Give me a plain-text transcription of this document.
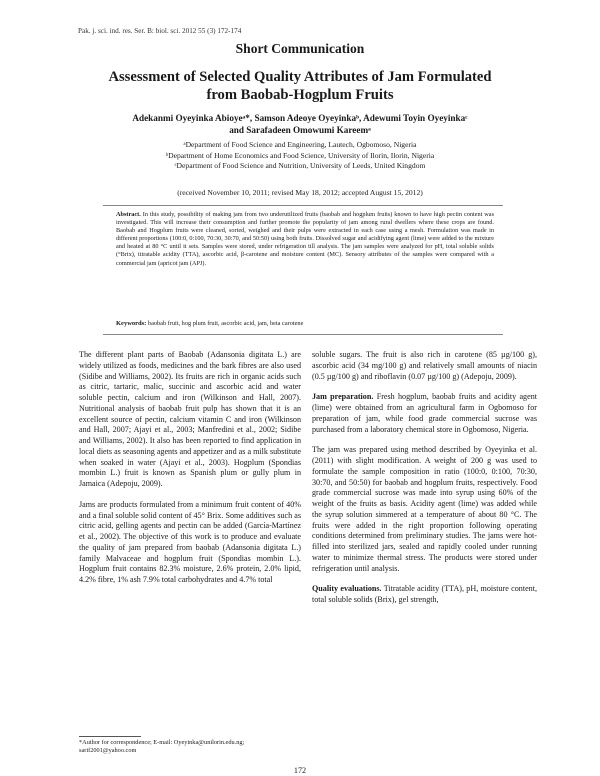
Pak. j. sci. ind. res. Ser. B: biol. sci. 2012 55 (3) 172-174
Short Communication
Assessment of Selected Quality Attributes of Jam Formulated
from Baobab-Hogplum Fruits
Adekanmi Oyeyinka Abioyeᵃ*, Samson Adeoye Oyeyinkaᵇ, Adewumi Toyin Oyeyinkaᶜ
and Sarafadeen Omowumi Kareemᵃ
ᵃDepartment of Food Science and Engineering, Lautech, Ogbomoso, Nigeria
ᵇDepartment of Home Economics and Food Science, University of Ilorin, Ilorin, Nigeria
ᶜDepartment of Food Science and Nutrition, University of Leeds, United Kingdom
(received November 10, 2011; revised May 18, 2012; accepted August 15, 2012)
Abstract. In this study, possibility of making jam from two underutilized fruits (baobab and hogplum fruits) known to have high pectin content was investigated. This will increase their consumption and further promote the popularity of jam among rural dwellers where these crops are found. Baobab and Hogplum fruits were cleaned, sorted, weighed and their pulps were extracted in each case using a mesh. Formulation was made in different proportions (100:0, 0:100, 70:30, 30:70, and 50:50) using both fruits. Dissolved sugar and acidifying agent (lime) were added to the mixture and heated at 80 °C until it sets. Samples were stored, under refrigeration till analysis. The jam samples were analyzed for pH, total soluble solids (°Brix), titratable acidity (TTA), ascorbic acid, β-carotene and moisture content (MC). Sensory attributes of the samples were compared with a commercial jam (apricot jam (APJ).
Keywords: baobab fruit, hog plum fruit, ascorbic acid, jam, beta carotene

The different plant parts of Baobab (Adansonia digitata L.) are widely utilized as foods, medicines and the bark fibres are also used (Sidibe and Williams, 2002). Its fruits are rich in organic acids such as citric, tartaric, malic, succinic and ascorbic acid and water soluble pectin, calcium and iron (Wilkinson and Hall, 2007). Nutritional analysis of baobab fruit pulp has shown that it is an excellent source of pectin, calcium vitamin C and iron (Wilkinson and Hall, 2007; Ajayi et al., 2003; Manfredini et al., 2002; Sidibe and Williams, 2002). It also has been reported to find application in local diets as seasoning agents and appetizer and as a milk substitute when soaked in water (Ajayi et al., 2003). Hogplum (Spondias mombin L.) fruit is known as Spanish plum or gully plum in Jamaica (Adepoju, 2009).

Jams are products formulated from a minimum fruit content of 40% and a final soluble solid content of 45° Brix. Some additives such as citric acid, gelling agents and pectin can be added (García-Martínez et al., 2002). The objective of this work is to produce and evaluate the quality of jam prepared from baobab (Adansonia digitata L.) family Malvaceae and hogplum fruit (Spondias mombin L.). Hogplum fruit contains 82.3% moisture, 2.6% protein, 2.0% lipid, 4.2% fibre, 1% ash 7.9% total carbohydrates and 4.7% total

soluble sugars. The fruit is also rich in carotene (85 µg/100 g), ascorbic acid (34 mg/100 g) and relatively small amounts of niacin (0.5 µg/100 g) and riboflavin (0.07 µg/100 g) (Adepoju, 2009).

Jam preparation. Fresh hogplum, baobab fruits and acidity agent (lime) were obtained from an agricultural farm in Ogbomoso for preparation of jam, while food grade commercial sucrose was purchased from a laboratory chemical store in Ogbomoso, Nigeria.

The jam was prepared using method described by Oyeyinka et al. (2011) with slight modification. A weight of 200 g was used to formulate the sample composition in ratio (100:0, 0:100, 70:30, 30:70, and 50:50) for baobab and hogplum fruits, respectively. Food grade commercial sucrose was made into syrup using 60% of the weight of the fruits as basis. Acidity agent (lime) was added while the syrup solution simmered at a temperature of about 80 °C. The fruits were added in the right proportion following operating conditions determined from preliminary studies. The jams were hot-filled into sterilized jars, sealed and rapidly cooled under running water to minimize thermal stress. The products were stored under refrigeration until analysis.

Quality evaluations. Titratable acidity (TTA), pH, moisture content, total soluble solids (Brix), gel strength,

*Author for correspondence; E-mail: Oyeyinka@unilorin.edu.ng; sarif2001@yahoo.com
172
